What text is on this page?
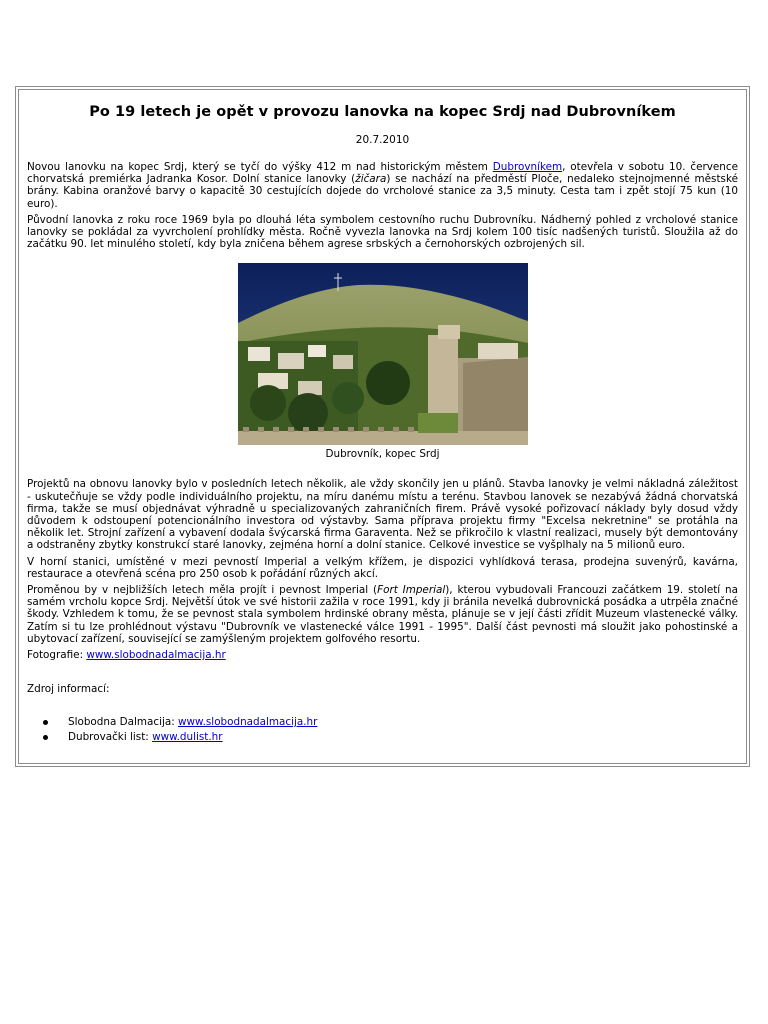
Po 19 letech je opět v provozu lanovka na kopec Srdj nad Dubrovníkem
20.7.2010

Novou lanovku na kopec Srdj, který se tyčí do výšky 412 m nad historickým městem Dubrovníkem, otevřela v sobotu 10. července chorvatská premiérka Jadranka Kosor. Dolní stanice lanovky (žičara) se nachází na předměstí Ploče, nedaleko stejnojmenné městské brány. Kabina oranžové barvy o kapacitě 30 cestujících dojede do vrcholové stanice za 3,5 minuty. Cesta tam i zpět stojí 75 kun (10 euro).

Původní lanovka z roku roce 1969 byla po dlouhá léta symbolem cestovního ruchu Dubrovníku. Nádherný pohled z vrcholové stanice lanovky se pokládal za vyvrcholení prohlídky města. Ročně vyvezla lanovka na Srdj kolem 100 tisíc nadšených turistů. Sloužila až do začátku 90. let minulého století, kdy byla zničena během agrese srbských a černohorských ozbrojených sil.

Dubrovník, kopec Srdj

Projektů na obnovu lanovky bylo v posledních letech několik, ale vždy skončily jen u plánů. Stavba lanovky je velmi nákladná záležitost - uskutečňuje se vždy podle individuálního projektu, na míru danému místu a terénu. Stavbou lanovek se nezabývá žádná chorvatská firma, takže se musí objednávat výhradně u specializovaných zahraničních firem. Právě vysoké pořizovací náklady byly dosud vždy důvodem k odstoupení potencionálního investora od výstavby. Sama příprava projektu firmy "Excelsa nekretnine" se protáhla na několik let. Strojní zařízení a vybavení dodala švýcarská firma Garaventa. Než se přikročilo k vlastní realizaci, musely být demontovány a odstraněny zbytky konstrukcí staré lanovky, zejména horní a dolní stanice. Celkové investice se vyšplhaly na 5 milionů euro.

V horní stanici, umístěné v mezi pevností Imperial a velkým křížem, je dispozici vyhlídková terasa, prodejna suvenýrů, kavárna, restaurace a otevřená scéna pro 250 osob k pořádání různých akcí.

Proměnou by v nejbližších letech měla projít i pevnost Imperial (Fort Imperial), kterou vybudovali Francouzi začátkem 19. století na samém vrcholu kopce Srdj. Největší útok ve své historii zažila v roce 1991, kdy ji bránila nevelká dubrovnická posádka a utrpěla značné škody. Vzhledem k tomu, že se pevnost stala symbolem hrdinské obrany města, plánuje se v její části zřídit Muzeum vlastenecké války. Zatím si tu lze prohlédnout výstavu "Dubrovník ve vlastenecké válce 1991 - 1995". Další část pevnosti má sloužit jako pohostinské a ubytovací zařízení, související se zamýšleným projektem golfového resortu.

Fotografie: www.slobodnadalmacija.hr

Zdroj informací:
Slobodna Dalmacija: www.slobodnadalmacija.hr
Dubrovački list: www.dulist.hr
